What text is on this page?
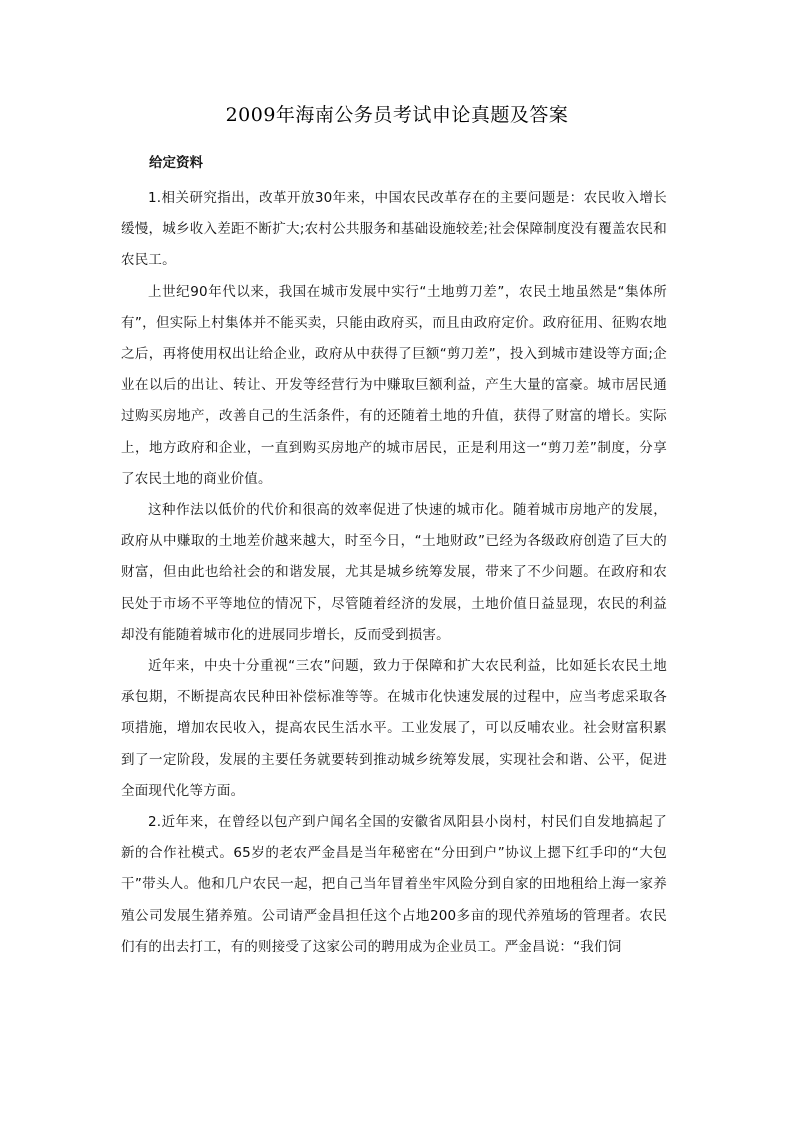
2009年海南公务员考试申论真题及答案
给定资料

1.相关研究指出，改革开放30年来，中国农民改革存在的主要问题是：农民收入增长缓慢，城乡收入差距不断扩大;农村公共服务和基础设施较差;社会保障制度没有覆盖农民和农民工。

上世纪90年代以来，我国在城市发展中实行“土地剪刀差”，农民土地虽然是“集体所有”，但实际上村集体并不能买卖，只能由政府买，而且由政府定价。政府征用、征购农地之后，再将使用权出让给企业，政府从中获得了巨额“剪刀差”，投入到城市建设等方面;企业在以后的出让、转让、开发等经营行为中赚取巨额利益，产生大量的富豪。城市居民通过购买房地产，改善自己的生活条件，有的还随着土地的升值，获得了财富的增长。实际上，地方政府和企业，一直到购买房地产的城市居民，正是利用这一“剪刀差”制度，分享了农民土地的商业价值。

这种作法以低价的代价和很高的效率促进了快速的城市化。随着城市房地产的发展，政府从中赚取的土地差价越来越大，时至今日，“土地财政”已经为各级政府创造了巨大的财富，但由此也给社会的和谐发展，尤其是城乡统筹发展，带来了不少问题。在政府和农民处于市场不平等地位的情况下，尽管随着经济的发展，土地价值日益显现，农民的利益却没有能随着城市化的进展同步增长，反而受到损害。

近年来，中央十分重视“三农”问题，致力于保障和扩大农民利益，比如延长农民土地承包期，不断提高农民种田补偿标准等等。在城市化快速发展的过程中，应当考虑采取各项措施，增加农民收入，提高农民生活水平。工业发展了，可以反哺农业。社会财富积累到了一定阶段，发展的主要任务就要转到推动城乡统筹发展，实现社会和谐、公平，促进全面现代化等方面。

2.近年来，在曾经以包产到户闻名全国的安徽省凤阳县小岗村，村民们自发地搞起了新的合作社模式。65岁的老农严金昌是当年秘密在“分田到户”协议上摁下红手印的“大包干”带头人。他和几户农民一起，把自己当年冒着坐牢风险分到自家的田地租给上海一家养殖公司发展生猪养殖。公司请严金昌担任这个占地200多亩的现代养殖场的管理者。农民们有的出去打工，有的则接受了这家公司的聘用成为企业员工。严金昌说：“我们饲
